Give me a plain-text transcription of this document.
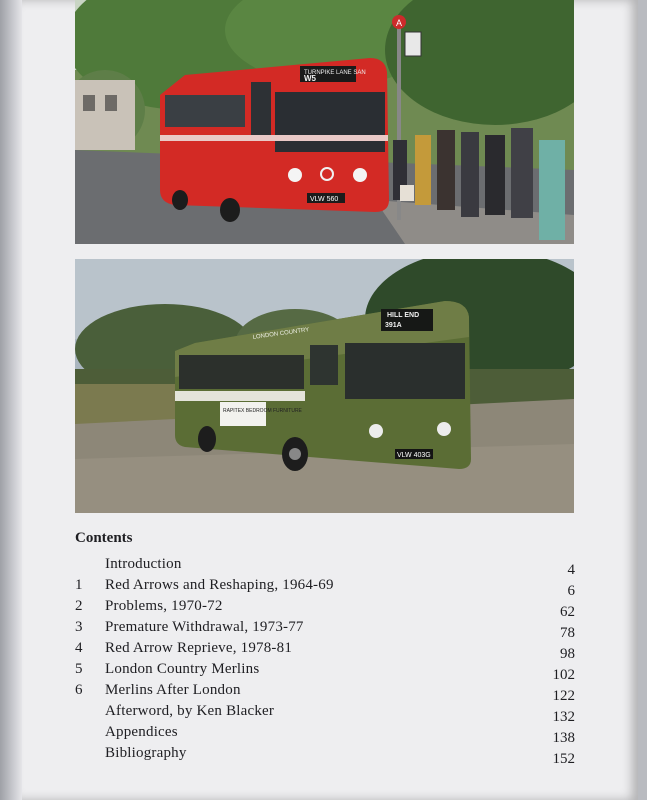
A
TURNPIKE LANE SAN
W5
VLW 560
HILL END
391A
LONDON COUNTRY
RAPITEX BEDROOM FURNITURE
VLW 403G
Contents
Introduction	4
1	Red Arrows and Reshaping, 1964-69	6
2	Problems, 1970-72	62
3	Premature Withdrawal, 1973-77	78
4	Red Arrow Reprieve, 1978-81	98
5	London Country Merlins	102
6	Merlins After London	122
Afterword, by Ken Blacker	132
Appendices	138
Bibliography	152
